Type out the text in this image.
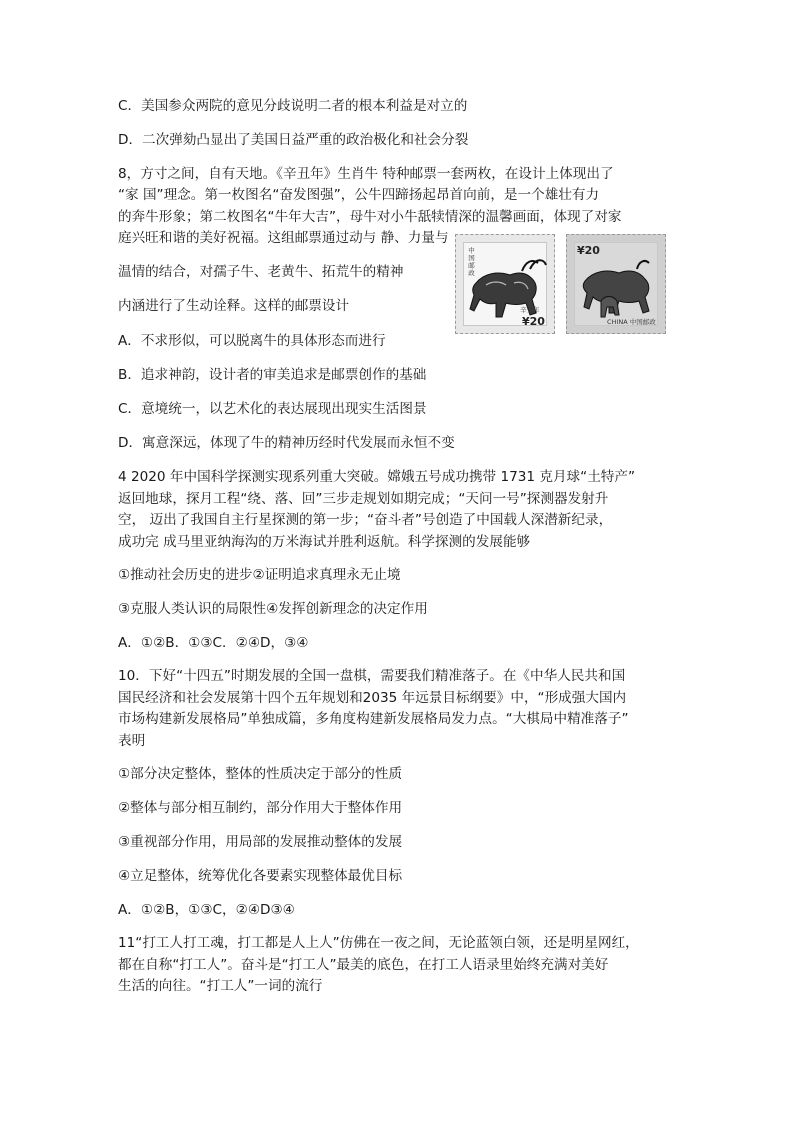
C．美国参众两院的意见分歧说明二者的根本利益是对立的
D．二次弹劾凸显出了美国日益严重的政治极化和社会分裂
8，方寸之间，自有天地。《辛丑年》生肖牛 特种邮票一套两枚，在设计上体现出了
“家 国”理念。第一枚图名“奋发图强”，公牛四蹄扬起昂首向前，是一个雄壮有力
的奔牛形象；第二枚图名“牛年大吉”，母牛对小牛舐犊情深的温馨画面，体现了对家
庭兴旺和谐的美好祝福。这组邮票通过动与 静、力量与
温情的结合，对孺子牛、老黄牛、拓荒牛的精神
内涵进行了生动诠释。这样的邮票设计
A．不求形似，可以脱离牛的具体形态而进行
B．追求神韵，设计者的审美追求是邮票创作的基础
C．意境统一，以艺术化的表达展现出现实生活图景
D．寓意深远，体现了牛的精神历经时代发展而永恒不变
4 2020 年中国科学探测实现系列重大突破。嫦娥五号成功携带 1731 克月球“土特产”
返回地球，探月工程“绕、落、回”三步走规划如期完成；“天问一号”探测器发射升
空， 迈出了我国自主行星探测的第一步；“奋斗者”号创造了中国载人深潜新纪录，
成功完 成马里亚纳海沟的万米海试并胜利返航。科学探测的发展能够
①推动社会历史的进步②证明追求真理永无止境
③克服人类认识的局限性④发挥创新理念的决定作用
A．①②B．①③C．②④D，③④
10．下好“十四五”时期发展的全国一盘棋，需要我们精准落子。在《中华人民共和国
国民经济和社会发展第十四个五年规划和2035 年远景目标纲要》中，“形成强大国内
市场构建新发展格局”单独成篇，多角度构建新发展格局发力点。“大棋局中精准落子”
表明
①部分决定整体，整体的性质决定于部分的性质
②整体与部分相互制约，部分作用大于整体作用
③重视部分作用，用局部的发展推动整体的发展
④立足整体，统筹优化各要素实现整体最优目标
A．①②B，①③C，②④D③④
11“打工人打工魂，打工都是人上人”仿佛在一夜之间，无论蓝领白领，还是明星网红，
都在自称“打工人”。奋斗是“打工人”最美的底色，在打工人语录里始终充满对美好
生活的向往。“打工人”一词的流行
中国邮政
辛丑年
¥20
¥20
CHINA 中国邮政
